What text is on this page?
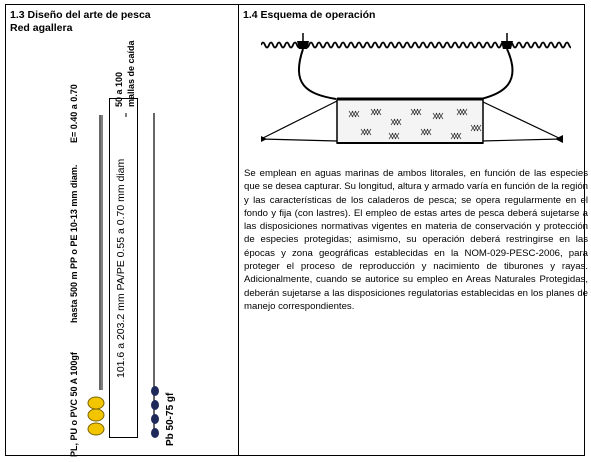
1.3 Diseño del arte de pesca
Red agallera
PL, PU o PVC 50 A 100gf
hasta 500 m PP o PE 10-13 mm diam.
E= 0.40 a 0.70	50 a 100 mallas de caída
101.6 a 203.2 mm PA/PE 0.55 a 0.70 mm diam
Pb 50-75 gf
1.4 Esquema de operación
Se emplean en aguas marinas de ambos litorales, en función de las especies que se desea capturar. Su longitud, altura y armado varía en función de la región y las características de los caladeros de pesca; se opera regularmente en el fondo y fija (con lastres). El empleo de estas artes de pesca deberá sujetarse a las disposiciones normativas vigentes en materia de conservación y protección de especies protegidas; asimismo, su operación deberá restringirse en las épocas y zona geográficas establecidas en la NOM-029-PESC-2006, para proteger el proceso de reproducción y nacimiento de tiburones y rayas. Adicionalmente, cuando se autorice su empleo en Areas Naturales Protegidas, deberán sujetarse a las disposiciones regulatorias establecidas en los planes de manejo correspondientes.
